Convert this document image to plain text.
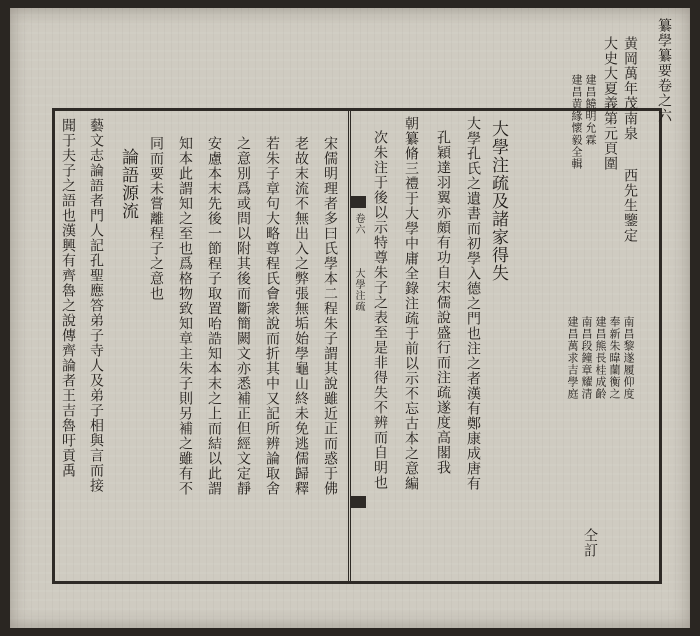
卷六
大學注疏
纂學纂要卷之六
黄岡萬年茂南泉
大史大夏義第元頁圍
西先生鑒定
建昌饒明允霖
建昌黄緣懷毅全輯
南昌黎遂履仰度
奉新朱暐蘭衡之
建昌熊長桂成齡
南昌段鐘章耀清
建昌萬求吉學庭
仝訂
大學注疏及諸家得失
大學孔氏之遺書而初學入德之門也注之者漢有鄭康成唐有
孔穎達羽翼亦頗有功自宋儒說盛行而注疏遂度高閣我
朝纂脩三禮于大學中庸全錄注疏于前以示不忘古本之意編
次朱注于後以示特尊朱子之表至是非得失不辨而自明也
宋儒明理者多曰氏學本二程朱子謂其說雖近正而惑于佛
老故末流不無出入之弊張無垢始學龜山終未免逃儒歸釋
若朱子章句大略尊程氏會衆說而折其中又記所辨論取舍
之意別爲或問以附其後而斷簡闕文亦悉補正但經文定靜
安慮本末先後一節程子取置咍誥知本末之上而結以此謂
知本此謂知之至也爲格物致知章主朱子則另補之雖有不
同而要未嘗離程子之意也
論語源流
藝文志論語者門人記孔聖應答弟子寺人及弟子相與言而接
聞于夫子之語也漢興有齊魯之說傳齊論者王吉魯吁貢禹
